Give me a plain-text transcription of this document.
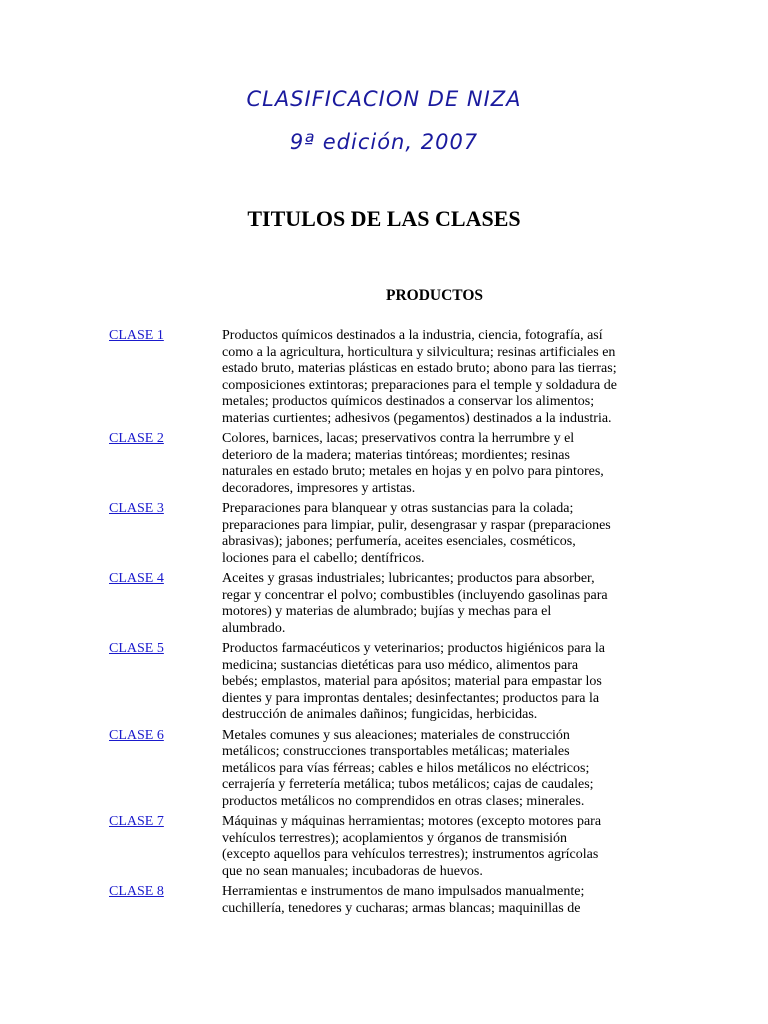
CLASIFICACION DE NIZA
9ª edición, 2007
TITULOS DE LAS CLASES
PRODUCTOS
CLASE 1	Productos químicos destinados a la industria, ciencia, fotografía, así
como a la agricultura, horticultura y silvicultura; resinas artificiales en
estado bruto, materias plásticas en estado bruto; abono para las tierras;
composiciones extintoras; preparaciones para el temple y soldadura de
metales; productos químicos destinados a conservar los alimentos;
materias curtientes; adhesivos (pegamentos) destinados a la industria.
CLASE 2	Colores, barnices, lacas; preservativos contra la herrumbre y el
deterioro de la madera; materias tintóreas; mordientes; resinas
naturales en estado bruto; metales en hojas y en polvo para pintores,
decoradores, impresores y artistas.
CLASE 3	Preparaciones para blanquear y otras sustancias para la colada;
preparaciones para limpiar, pulir, desengrasar y raspar (preparaciones
abrasivas); jabones; perfumería, aceites esenciales, cosméticos,
lociones para el cabello; dentífricos.
CLASE 4	Aceites y grasas industriales; lubricantes; productos para absorber,
regar y concentrar el polvo; combustibles (incluyendo gasolinas para
motores) y materias de alumbrado; bujías y mechas para el
alumbrado.
CLASE 5	Productos farmacéuticos y veterinarios; productos higiénicos para la
medicina; sustancias dietéticas para uso médico, alimentos para
bebés; emplastos, material para apósitos; material para empastar los
dientes y para improntas dentales; desinfectantes; productos para la
destrucción de animales dañinos; fungicidas, herbicidas.
CLASE 6	Metales comunes y sus aleaciones; materiales de construcción
metálicos; construcciones transportables metálicas; materiales
metálicos para vías férreas; cables e hilos metálicos no eléctricos;
cerrajería y ferretería metálica; tubos metálicos; cajas de caudales;
productos metálicos no comprendidos en otras clases; minerales.
CLASE 7	Máquinas y máquinas herramientas; motores (excepto motores para
vehículos terrestres); acoplamientos y órganos de transmisión
(excepto aquellos para vehículos terrestres); instrumentos agrícolas
que no sean manuales; incubadoras de huevos.
CLASE 8	Herramientas e instrumentos de mano impulsados manualmente;
cuchillería, tenedores y cucharas; armas blancas; maquinillas de
